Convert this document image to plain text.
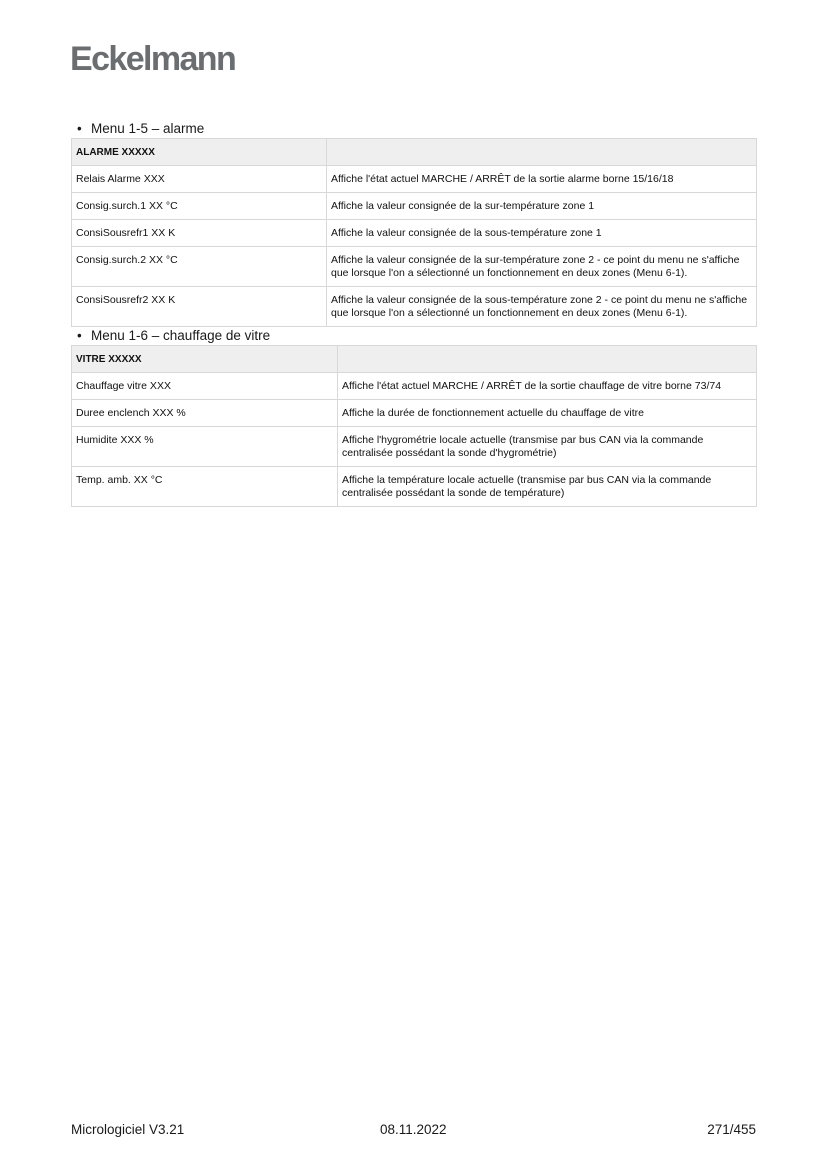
Eckelmann
• Menu 1-5 – alarme
ALARME XXXXX	
Relais Alarme XXX	Affiche l'état actuel MARCHE / ARRÊT de la sortie alarme borne 15/16/18
Consig.surch.1 XX °C	Affiche la valeur consignée de la sur-température zone 1
ConsiSousrefr1 XX K	Affiche la valeur consignée de la sous-température zone 1
Consig.surch.2 XX °C	Affiche la valeur consignée de la sur-température zone 2 - ce point du menu ne s'affiche que lorsque l'on a sélectionné un fonctionnement en deux zones (Menu 6-1).
ConsiSousrefr2 XX K	Affiche la valeur consignée de la sous-température zone 2 - ce point du menu ne s'affiche que lorsque l'on a sélectionné un fonctionnement en deux zones (Menu 6-1).
• Menu 1-6 – chauffage de vitre
VITRE XXXXX	
Chauffage vitre XXX	Affiche l'état actuel MARCHE / ARRÊT de la sortie chauffage de vitre borne 73/74
Duree enclench XXX %	Affiche la durée de fonctionnement actuelle du chauffage de vitre
Humidite XXX %	Affiche l'hygrométrie locale actuelle (transmise par bus CAN via la commande centralisée possédant la sonde d'hygrométrie)
Temp. amb. XX °C	Affiche la température locale actuelle (transmise par bus CAN via la commande centralisée possédant la sonde de température)
Micrologiciel V3.21	08.11.2022	271/455
